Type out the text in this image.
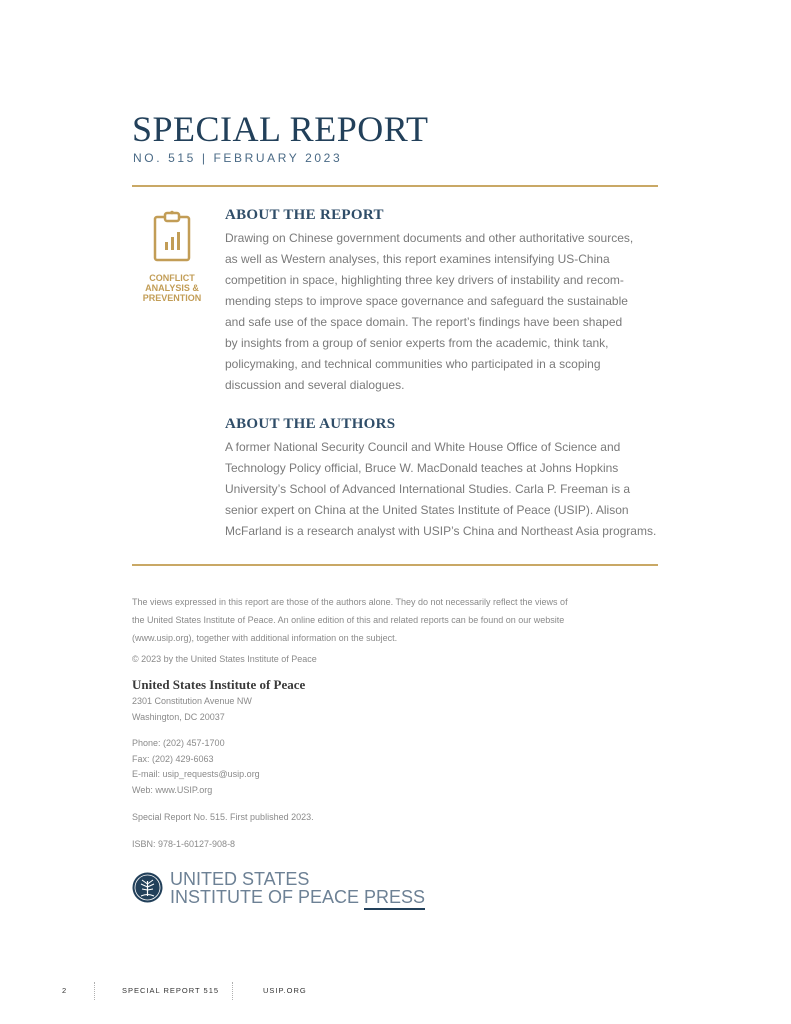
SPECIAL REPORT
NO. 515 | FEBRUARY 2023
CONFLICT
ANALYSIS &
PREVENTION
ABOUT THE REPORT
Drawing on Chinese government documents and other authoritative sources,
as well as Western analyses, this report examines intensifying US-China
competition in space, highlighting three key drivers of instability and recom-
mending steps to improve space governance and safeguard the sustainable
and safe use of the space domain. The report’s findings have been shaped
by insights from a group of senior experts from the academic, think tank,
policymaking, and technical communities who participated in a scoping
discussion and several dialogues.
ABOUT THE AUTHORS
A former National Security Council and White House Office of Science and
Technology Policy official, Bruce W. MacDonald teaches at Johns Hopkins
University’s School of Advanced International Studies. Carla P. Freeman is a
senior expert on China at the United States Institute of Peace (USIP). Alison
McFarland is a research analyst with USIP’s China and Northeast Asia programs.
The views expressed in this report are those of the authors alone. They do not necessarily reflect the views of
the United States Institute of Peace. An online edition of this and related reports can be found on our website
(www.usip.org), together with additional information on the subject.
© 2023 by the United States Institute of Peace
United States Institute of Peace
2301 Constitution Avenue NW
Washington, DC 20037
Phone: (202) 457-1700
Fax: (202) 429-6063
E-mail: usip_requests@usip.org
Web: www.USIP.org
Special Report No. 515. First published 2023.
ISBN: 978-1-60127-908-8
UNITED STATES
INSTITUTE OF PEACE PRESS
2	SPECIAL REPORT 515	USIP.ORG
